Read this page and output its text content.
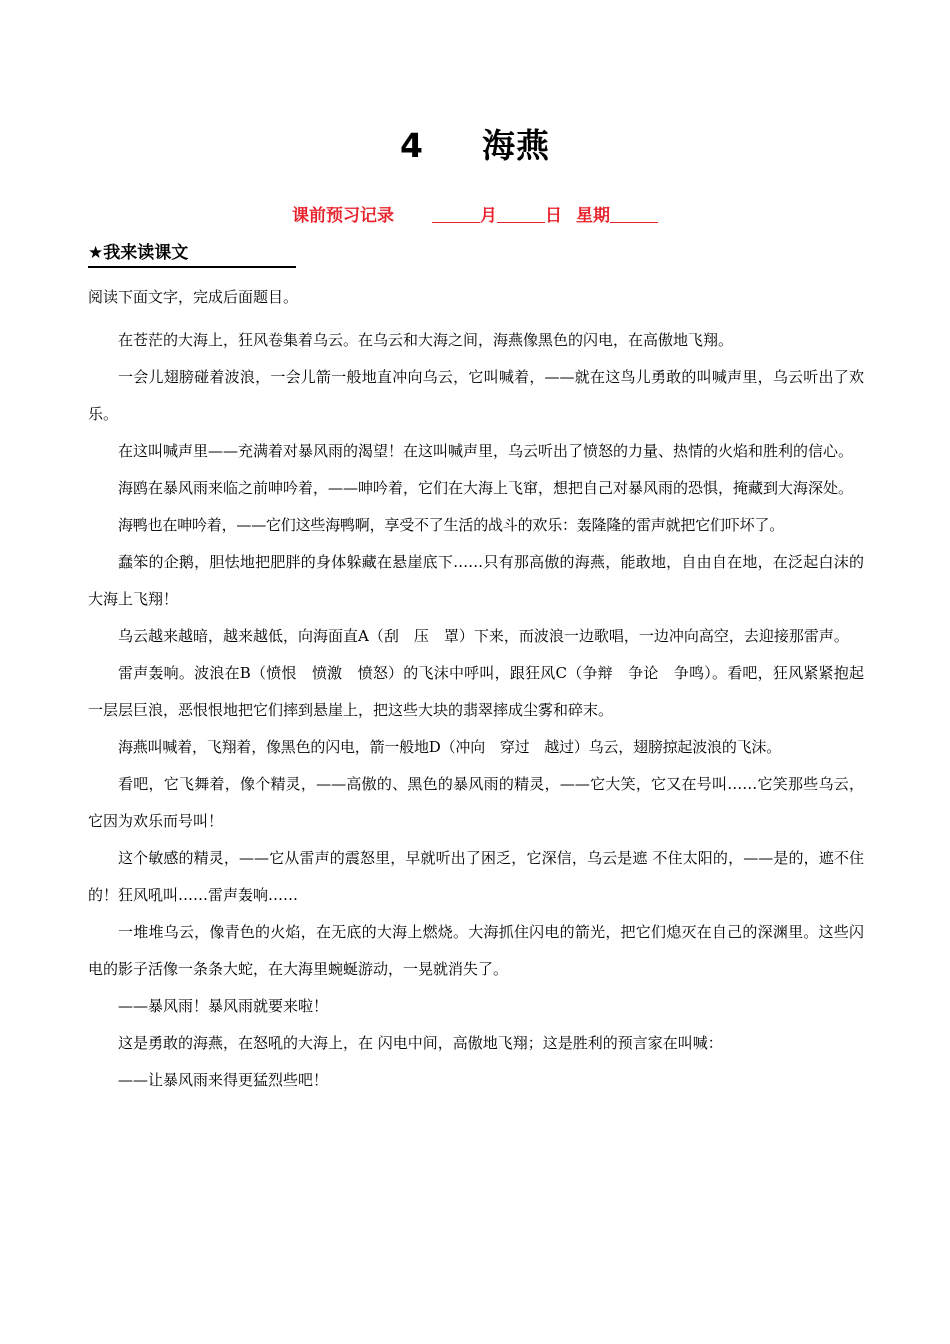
4 海燕
课前预习记录	月	日 星期
★我来读课文
阅读下面文字，完成后面题目。

在苍茫的大海上，狂风卷集着乌云。在乌云和大海之间，海燕像黑色的闪电，在高傲地飞翔。

一会儿翅膀碰着波浪，一会儿箭一般地直冲向乌云，它叫喊着，——就在这鸟儿勇敢的叫喊声里，乌云听出了欢乐。

在这叫喊声里——充满着对暴风雨的渴望！在这叫喊声里，乌云听出了愤怒的力量、热情的火焰和胜利的信心。

海鸥在暴风雨来临之前呻吟着，——呻吟着，它们在大海上飞窜，想把自己对暴风雨的恐惧，掩藏到大海深处。

海鸭也在呻吟着，——它们这些海鸭啊，享受不了生活的战斗的欢乐：轰隆隆的雷声就把它们吓坏了。

蠢笨的企鹅，胆怯地把肥胖的身体躲藏在悬崖底下……只有那高傲的海燕，能敢地，自由自在地，在泛起白沫的大海上飞翔！

乌云越来越暗，越来越低，向海面直A（刮　压　罩）下来，而波浪一边歌唱，一边冲向高空，去迎接那雷声。

雷声轰响。波浪在B（愤恨　愤激　愤怒）的飞沫中呼叫，跟狂风C（争辩　争论　争鸣）。看吧，狂风紧紧抱起一层层巨浪，恶恨恨地把它们摔到悬崖上，把这些大块的翡翠摔成尘雾和碎末。

海燕叫喊着，飞翔着，像黑色的闪电，箭一般地D（冲向　穿过　越过）乌云，翅膀掠起波浪的飞沫。

看吧，它飞舞着，像个精灵，——高傲的、黑色的暴风雨的精灵，——它大笑，它又在号叫……它笑那些乌云，它因为欢乐而号叫！

这个敏感的精灵，——它从雷声的震怒里，早就听出了困乏，它深信，乌云是遮 不住太阳的，——是的，遮不住的！狂风吼叫……雷声轰响……

一堆堆乌云，像青色的火焰，在无底的大海上燃烧。大海抓住闪电的箭光，把它们熄灭在自己的深渊里。这些闪电的影子活像一条条大蛇，在大海里蜿蜒游动，一晃就消失了。

——暴风雨！暴风雨就要来啦！

这是勇敢的海燕，在怒吼的大海上，在 闪电中间，高傲地飞翔；这是胜利的预言家在叫喊：

——让暴风雨来得更猛烈些吧！
